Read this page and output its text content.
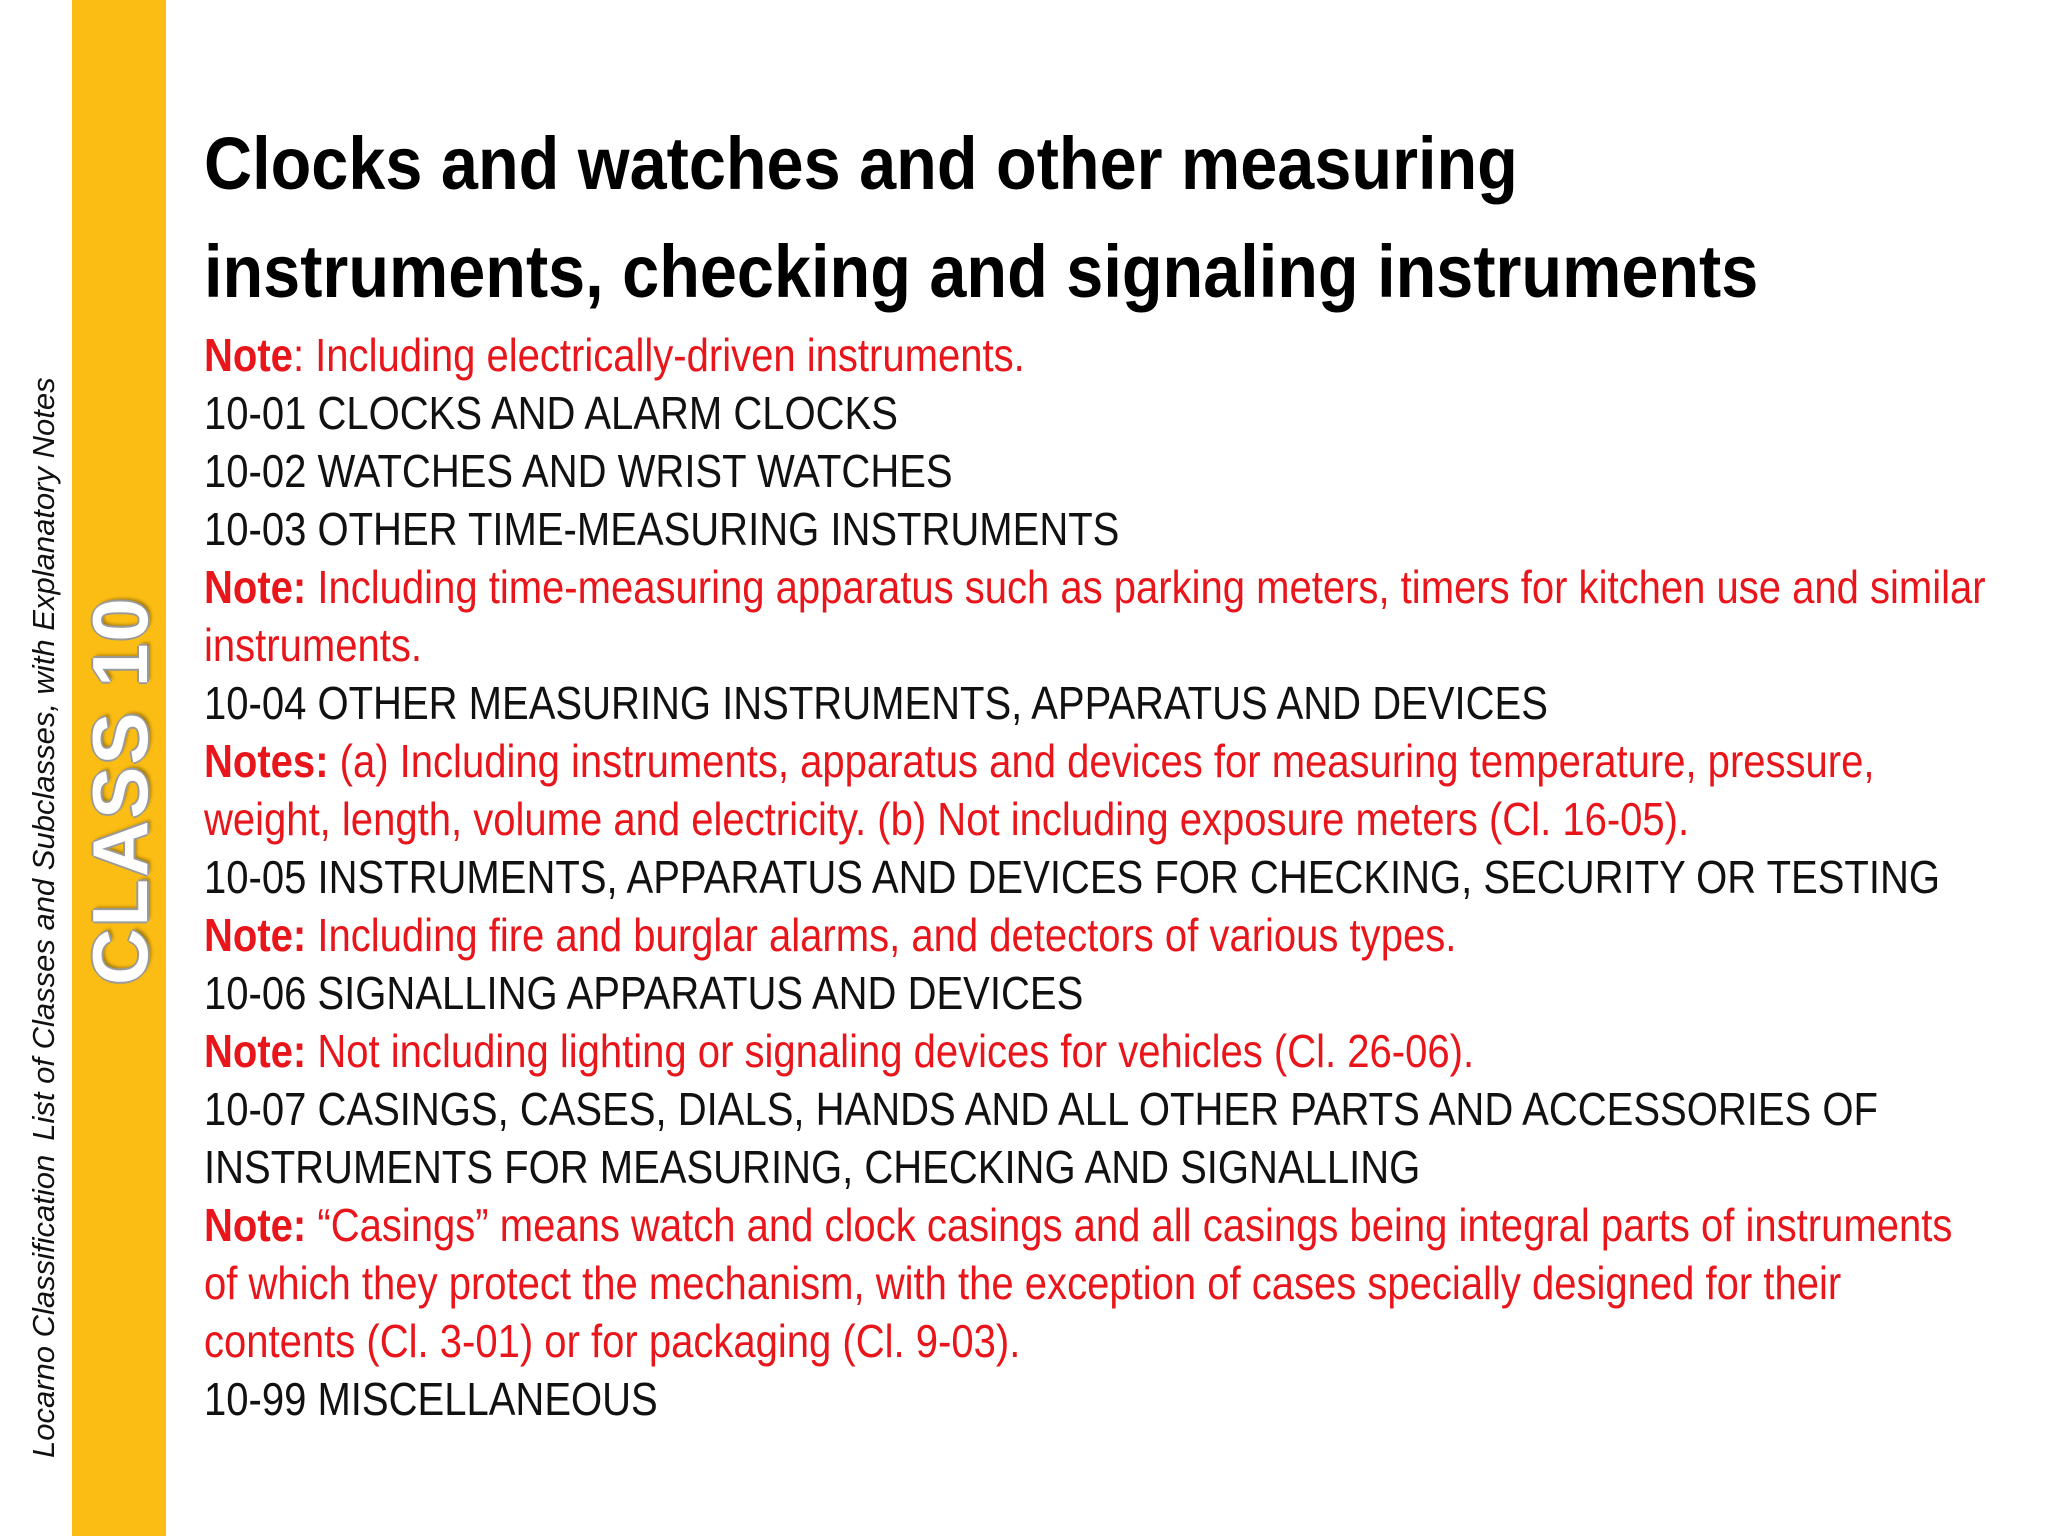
Locarno Classification
List of Classes and Subclasses, with Explanatory Notes CLASS 10
Clocks and watches and other measuring
instruments, checking and signaling instruments
Note: Including electrically-driven instruments.
10-01 CLOCKS AND ALARM CLOCKS
10-02 WATCHES AND WRIST WATCHES
10-03 OTHER TIME-MEASURING INSTRUMENTS
Note: Including time-measuring apparatus such as parking meters, timers for kitchen use and similar
instruments.
10-04 OTHER MEASURING INSTRUMENTS, APPARATUS AND DEVICES
Notes: (a) Including instruments, apparatus and devices for measuring temperature, pressure,
weight, length, volume and electricity. (b) Not including exposure meters (Cl. 16-05).
10-05 INSTRUMENTS, APPARATUS AND DEVICES FOR CHECKING, SECURITY OR TESTING
Note: Including fire and burglar alarms, and detectors of various types.
10-06 SIGNALLING APPARATUS AND DEVICES
Note: Not including lighting or signaling devices for vehicles (Cl. 26-06).
10-07 CASINGS, CASES, DIALS, HANDS AND ALL OTHER PARTS AND ACCESSORIES OF
INSTRUMENTS FOR MEASURING, CHECKING AND SIGNALLING
Note: “Casings” means watch and clock casings and all casings being integral parts of instruments
of which they protect the mechanism, with the exception of cases specially designed for their
contents (Cl. 3-01) or for packaging (Cl. 9-03).
10-99 MISCELLANEOUS
